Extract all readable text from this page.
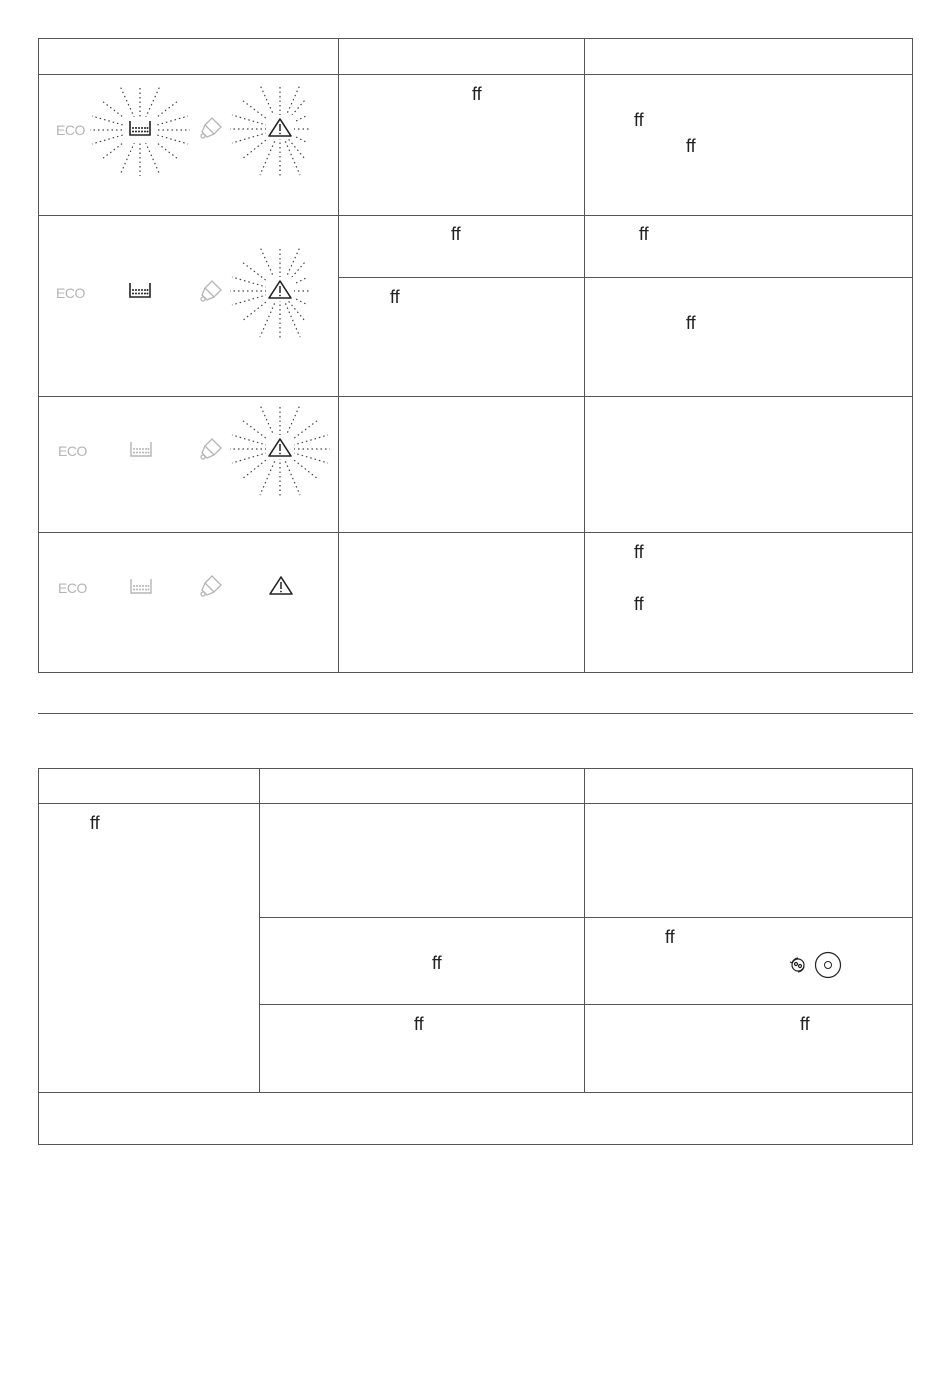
ECO
ff
ff
ff
ECO
ff	ff
ff
ff
ECO
ECO
ff
ff
ff
ff
ff
ff	ff
